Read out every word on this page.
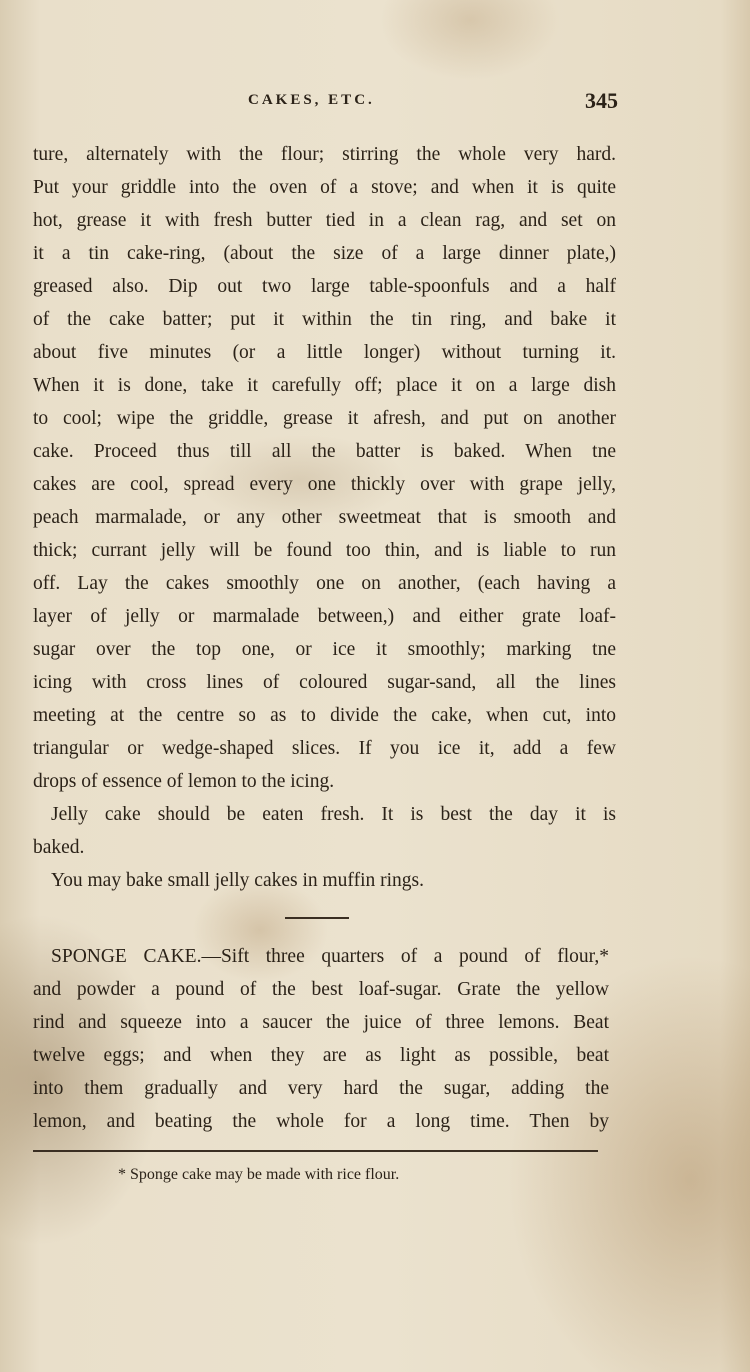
CAKES, ETC.	345
ture, alternately with the flour; stirring the whole very hard.
Put your griddle into the oven of a stove; and when it is quite
hot, grease it with fresh butter tied in a clean rag, and set on
it a tin cake-ring, (about the size of a large dinner plate,)
greased also. Dip out two large table-spoonfuls and a half
of the cake batter; put it within the tin ring, and bake it
about five minutes (or a little longer) without turning it.
When it is done, take it carefully off; place it on a large dish
to cool; wipe the griddle, grease it afresh, and put on another
cake. Proceed thus till all the batter is baked. When tne
cakes are cool, spread every one thickly over with grape jelly,
peach marmalade, or any other sweetmeat that is smooth and
thick; currant jelly will be found too thin, and is liable to run
off. Lay the cakes smoothly one on another, (each having a
layer of jelly or marmalade between,) and either grate loaf-
sugar over the top one, or ice it smoothly; marking tne
icing with cross lines of coloured sugar-sand, all the lines
meeting at the centre so as to divide the cake, when cut, into
triangular or wedge-shaped slices. If you ice it, add a few
drops of essence of lemon to the icing.
Jelly cake should be eaten fresh. It is best the day it is
baked.
You may bake small jelly cakes in muffin rings.
SPONGE CAKE.—Sift three quarters of a pound of flour,*
and powder a pound of the best loaf-sugar. Grate the yellow
rind and squeeze into a saucer the juice of three lemons. Beat
twelve eggs; and when they are as light as possible, beat
into them gradually and very hard the sugar, adding the
lemon, and beating the whole for a long time. Then by
* Sponge cake may be made with rice flour.
